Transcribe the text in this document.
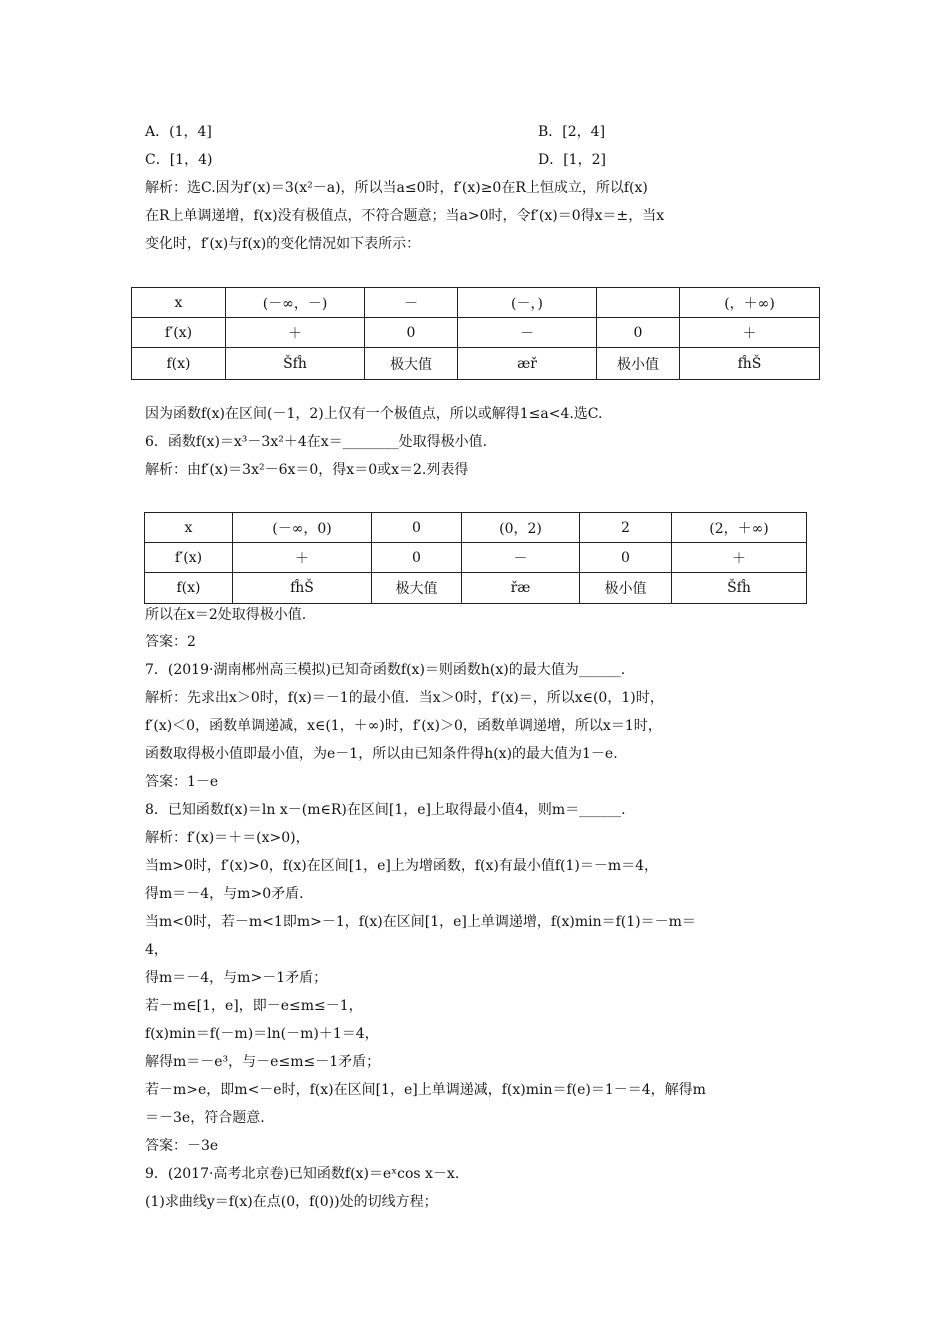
A．(1，4]	B．[2，4]
C．[1，4)	D．[1，2]
解析：选C.因为f′(x)＝3(x²－a)，所以当a≤0时，f′(x)≥0在R上恒成立，所以f(x)
在R上单调递增，f(x)没有极值点，不符合题意；当a>0时，令f′(x)＝0得x＝±，当x
变化时，f′(x)与f(x)的变化情况如下表所示：
x	(－∞，－)	－	(－，)		(，＋∞)
f′(x)	＋	0	－	0	＋
f(x)	Šfĥ	极大值	æř	极小值	fĥŠ
因为函数f(x)在区间(－1，2)上仅有一个极值点，所以或解得1≤a<4.选C.
6．函数f(x)＝x³－3x²＋4在x＝________处取得极小值.
解析：由f′(x)＝3x²－6x＝0，得x＝0或x＝2.列表得
x	(－∞，0)	0	(0，2)	2	(2，＋∞)
f′(x)	＋	0	－	0	＋
f(x)	fĥŠ	极大值	řæ	极小值	Šfĥ
所以在x＝2处取得极小值.
答案：2
7．(2019·湖南郴州高三模拟)已知奇函数f(x)＝则函数h(x)的最大值为______.
解析：先求出x＞0时，f(x)＝－1的最小值．当x＞0时，f′(x)＝，所以x∈(0，1)时，
f′(x)＜0，函数单调递减，x∈(1，＋∞)时，f′(x)＞0，函数单调递增，所以x＝1时，
函数取得极小值即最小值，为e－1，所以由已知条件得h(x)的最大值为1－e.
答案：1－e
8．已知函数f(x)＝ln x－(m∈R)在区间[1，e]上取得最小值4，则m＝______.
解析：f′(x)＝＋＝(x>0)，
当m>0时，f′(x)>0，f(x)在区间[1，e]上为增函数，f(x)有最小值f(1)＝－m＝4，
得m＝－4，与m>0矛盾.
当m<0时，若－m<1即m>－1，f(x)在区间[1，e]上单调递增，f(x)min＝f(1)＝－m＝
4，
得m＝－4，与m>－1矛盾；
若－m∈[1，e]，即－e≤m≤－1，
f(x)min＝f(－m)＝ln(－m)＋1＝4，
解得m＝－e³，与－e≤m≤－1矛盾；
若－m>e，即m<－e时，f(x)在区间[1，e]上单调递减，f(x)min＝f(e)＝1－＝4，解得m
＝－3e，符合题意.
答案：－3e
9．(2017·高考北京卷)已知函数f(x)＝eˣcos x－x.
(1)求曲线y＝f(x)在点(0，f(0))处的切线方程；
